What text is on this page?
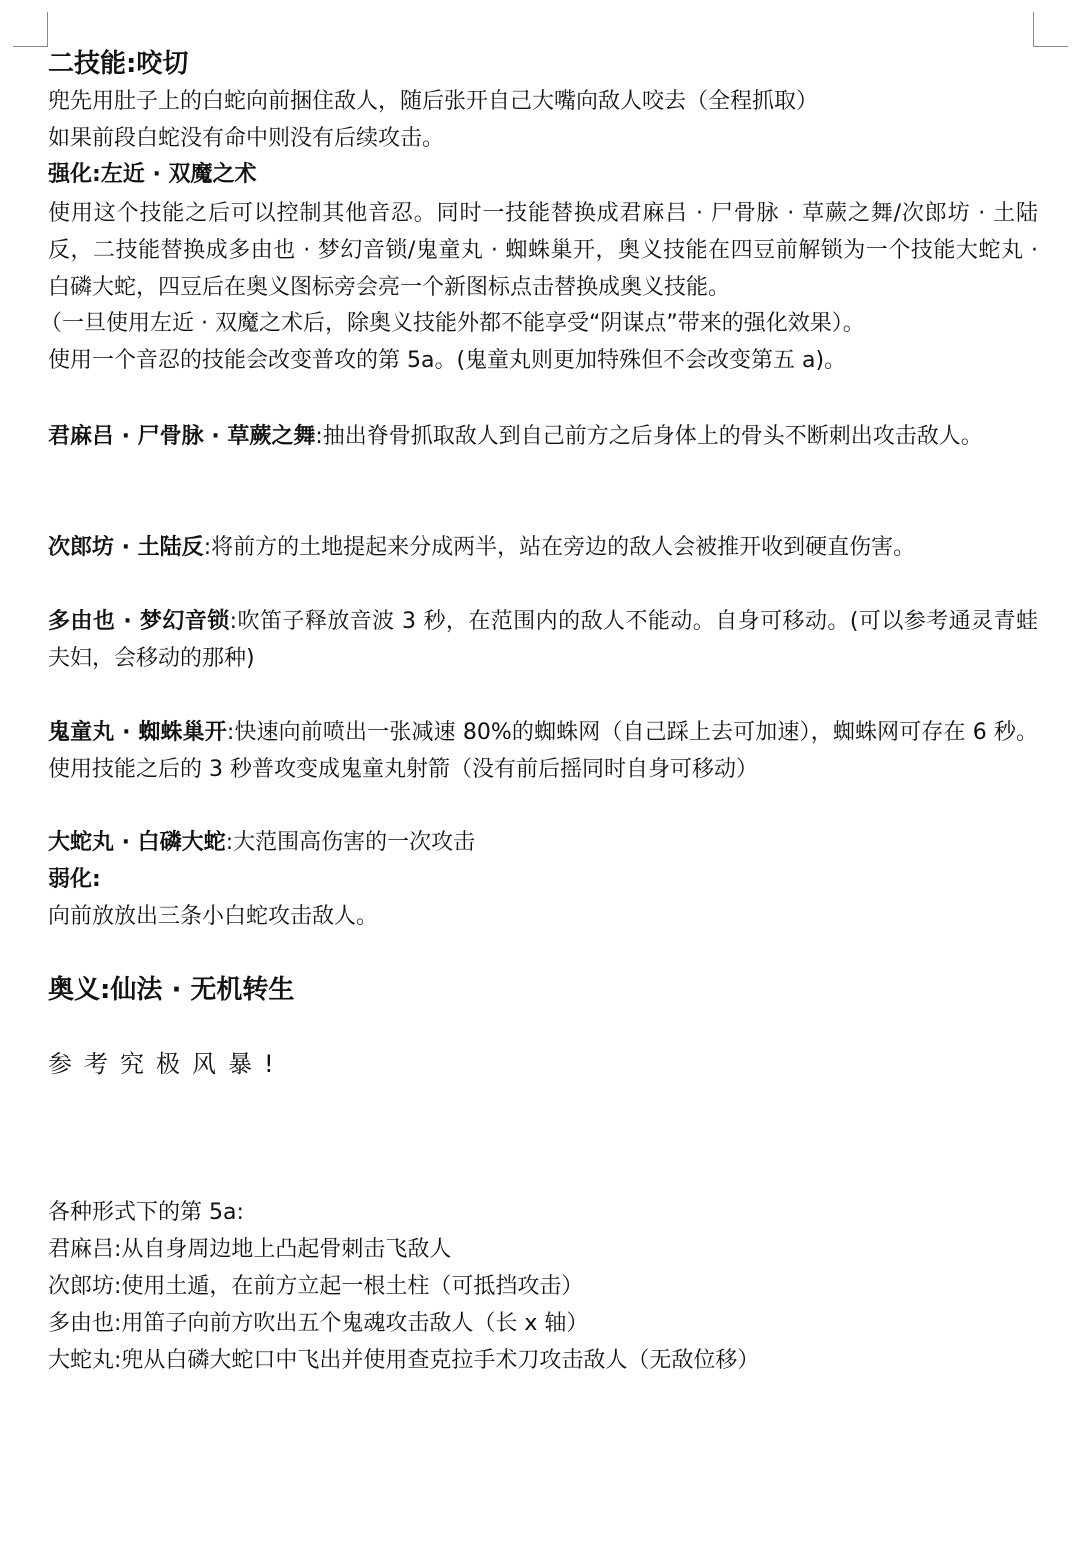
二技能:咬切

兜先用肚子上的白蛇向前捆住敌人，随后张开自己大嘴向敌人咬去（全程抓取）

如果前段白蛇没有命中则没有后续攻击。

强化:左近 · 双魔之术

使用这个技能之后可以控制其他音忍。同时一技能替换成君麻吕 · 尸骨脉 · 草蕨之舞/次郎坊 · 土陆反，二技能替换成多由也 · 梦幻音锁/鬼童丸 · 蜘蛛巢开，奥义技能在四豆前解锁为一个技能大蛇丸 · 白磷大蛇，四豆后在奥义图标旁会亮一个新图标点击替换成奥义技能。

（一旦使用左近 · 双魔之术后，除奥义技能外都不能享受“阴谋点”带来的强化效果）。

使用一个音忍的技能会改变普攻的第 5a。(鬼童丸则更加特殊但不会改变第五 a)。

君麻吕 · 尸骨脉 · 草蕨之舞:抽出脊骨抓取敌人到自己前方之后身体上的骨头不断刺出攻击敌人。

次郎坊 · 土陆反:将前方的土地提起来分成两半，站在旁边的敌人会被推开收到硬直伤害。

多由也 · 梦幻音锁:吹笛子释放音波 3 秒，在范围内的敌人不能动。自身可移动。(可以参考通灵青蛙夫妇，会移动的那种)

鬼童丸 · 蜘蛛巢开:快速向前喷出一张减速 80%的蜘蛛网（自己踩上去可加速），蜘蛛网可存在 6 秒。使用技能之后的 3 秒普攻变成鬼童丸射箭（没有前后摇同时自身可移动）

大蛇丸 · 白磷大蛇:大范围高伤害的一次攻击

弱化:

向前放放出三条小白蛇攻击敌人。

奥义:仙法 · 无机转生

参考究极风暴!

各种形式下的第 5a:

君麻吕:从自身周边地上凸起骨刺击飞敌人

次郎坊:使用土遁，在前方立起一根土柱（可抵挡攻击）

多由也:用笛子向前方吹出五个鬼魂攻击敌人（长 x 轴）

大蛇丸:兜从白磷大蛇口中飞出并使用查克拉手术刀攻击敌人（无敌位移）
